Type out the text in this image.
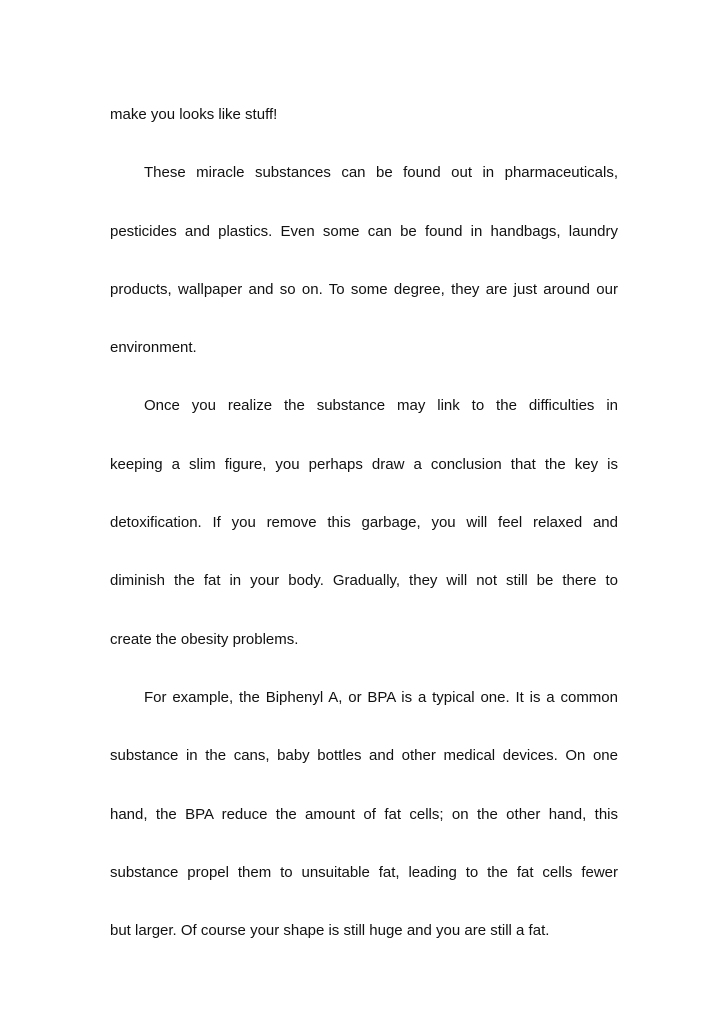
make you looks like stuff!
These miracle substances can be found out in pharmaceuticals,
pesticides and plastics. Even some can be found in handbags, laundry
products, wallpaper and so on. To some degree, they are just around our
environment.
Once you realize the substance may link to the difficulties in
keeping a slim figure, you perhaps draw a conclusion that the key is
detoxification. If you remove this garbage, you will feel relaxed and
diminish the fat in your body. Gradually, they will not still be there to
create the obesity problems.
For example, the Biphenyl A, or BPA is a typical one. It is a common
substance in the cans, baby bottles and other medical devices. On one
hand, the BPA reduce the amount of fat cells; on the other hand, this
substance propel them to unsuitable fat, leading to the fat cells fewer
but larger. Of course your shape is still huge and you are still a fat.
